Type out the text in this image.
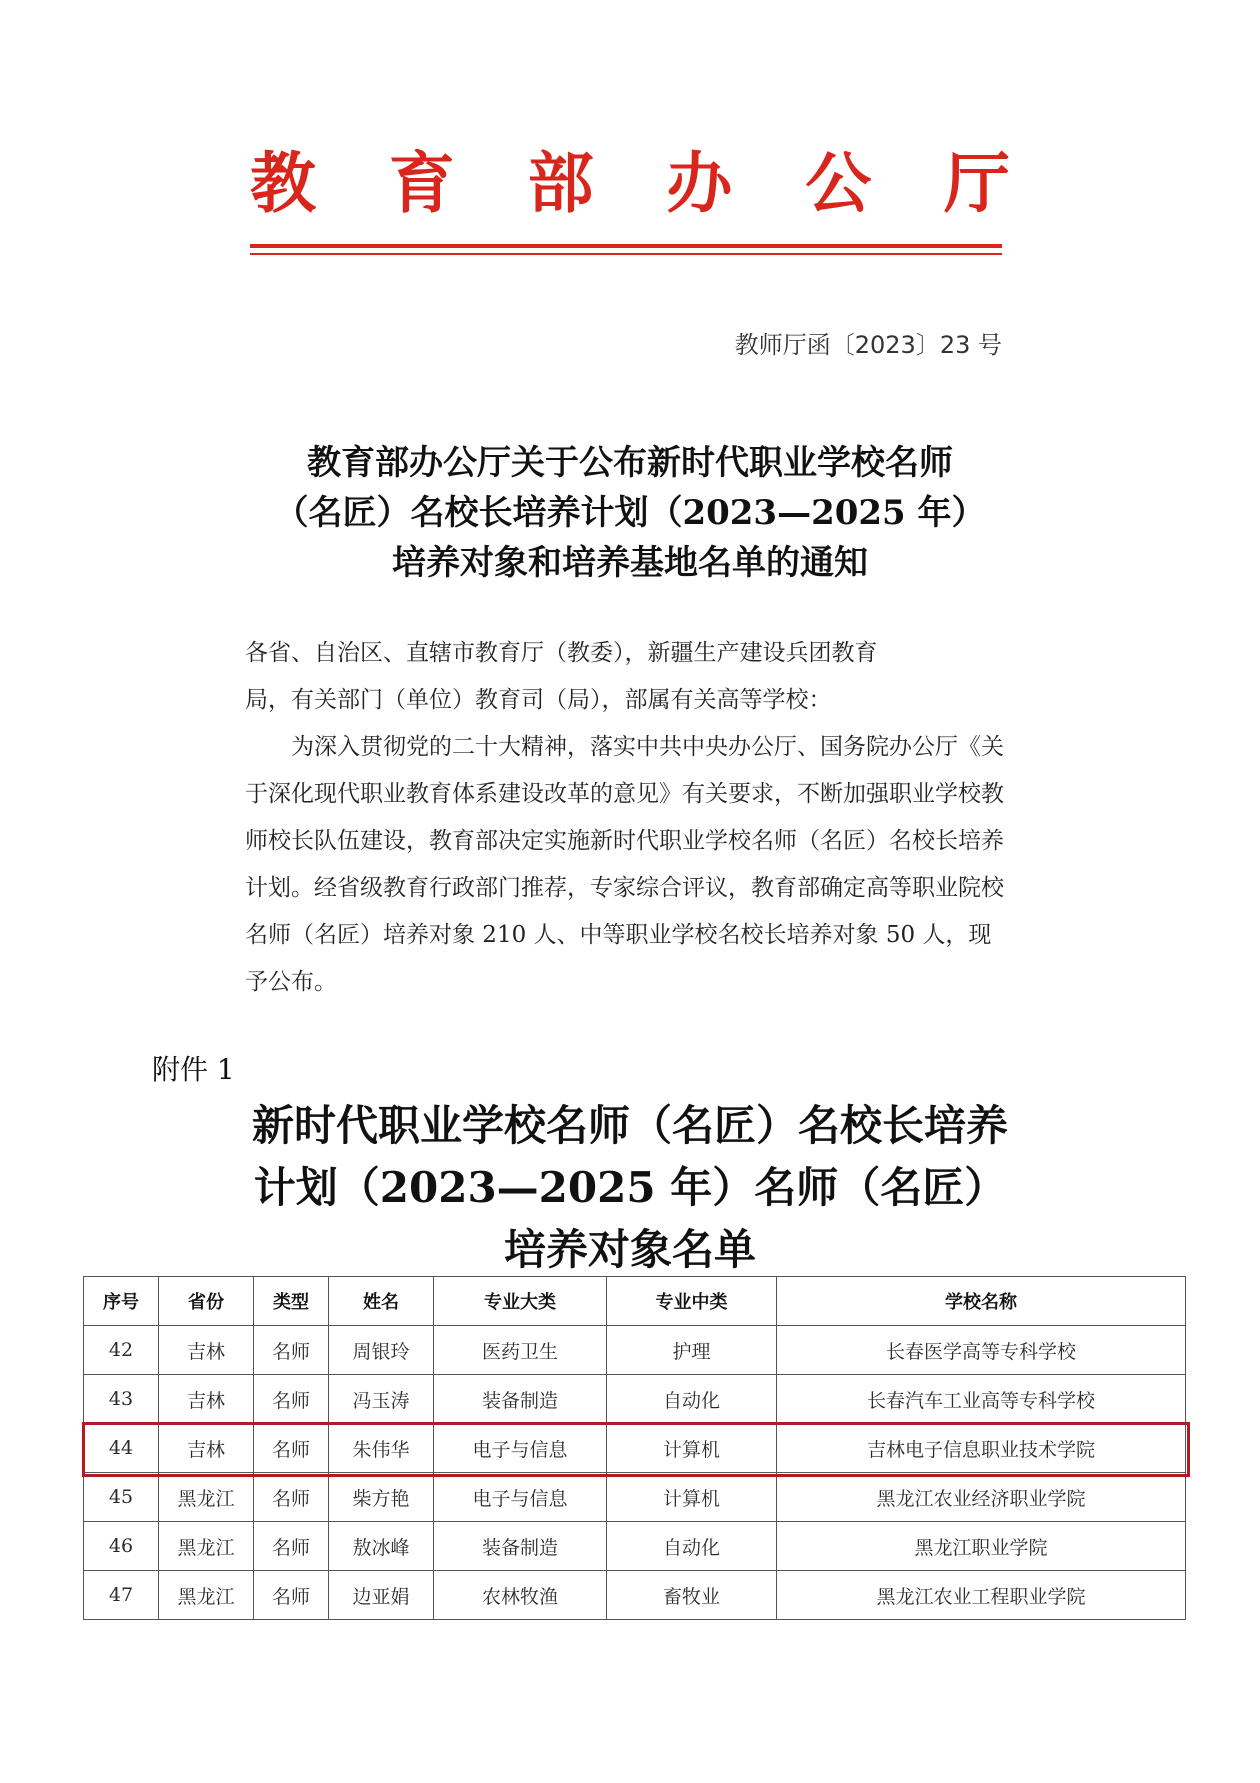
教 育 部 办 公 厅
教师厅函〔2023〕23 号
教育部办公厅关于公布新时代职业学校名师
（名匠）名校长培养计划（2023—2025 年）
培养对象和培养基地名单的通知
各省、自治区、直辖市教育厅（教委），新疆生产建设兵团教育
局，有关部门（单位）教育司（局），部属有关高等学校：
为深入贯彻党的二十大精神，落实中共中央办公厅、国务院办公厅《关于深化现代职业教育体系建设改革的意见》有关要求，不断加强职业学校教师校长队伍建设，教育部决定实施新时代职业学校名师（名匠）名校长培养计划。经省级教育行政部门推荐，专家综合评议，教育部确定高等职业院校名师（名匠）培养对象 210 人、中等职业学校名校长培养对象 50 人，现予公布。
附件 1
新时代职业学校名师（名匠）名校长培养
计划（2023—2025 年）名师（名匠）
培养对象名单
序号	省份	类型	姓名	专业大类	专业中类	学校名称
42	吉林	名师	周银玲	医药卫生	护理	长春医学高等专科学校
43	吉林	名师	冯玉涛	装备制造	自动化	长春汽车工业高等专科学校
44	吉林	名师	朱伟华	电子与信息	计算机	吉林电子信息职业技术学院
45	黑龙江	名师	柴方艳	电子与信息	计算机	黑龙江农业经济职业学院
46	黑龙江	名师	敖冰峰	装备制造	自动化	黑龙江职业学院
47	黑龙江	名师	边亚娟	农林牧渔	畜牧业	黑龙江农业工程职业学院
